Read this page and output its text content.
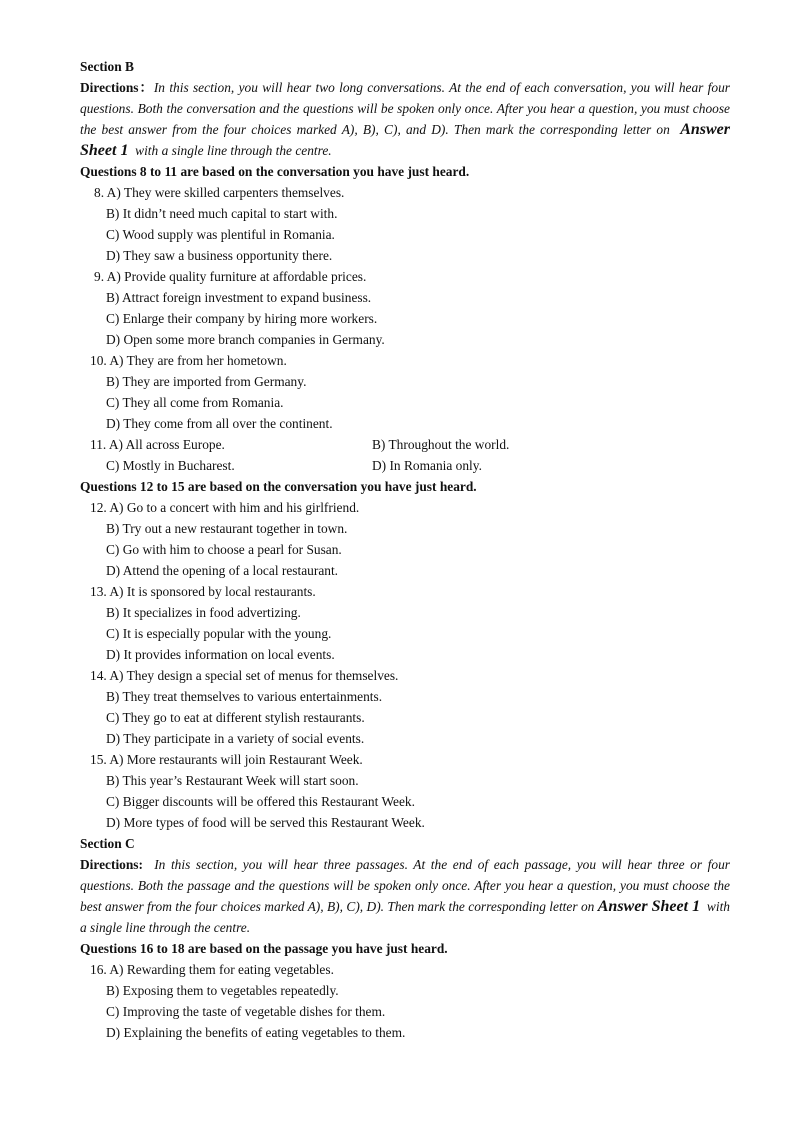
Section B
Directions：In this section, you will hear two long conversations. At the end of each conversation, you will hear four questions. Both the conversation and the questions will be spoken only once. After you hear a question, you must choose the best answer from the four choices marked A), B), C), and D). Then mark the corresponding letter on Answer Sheet 1 with a single line through the centre.
Questions 8 to 11 are based on the conversation you have just heard.
8. A) They were skilled carpenters themselves.
B) It didn’t need much capital to start with.
C) Wood supply was plentiful in Romania.
D) They saw a business opportunity there.
9. A) Provide quality furniture at affordable prices.
B) Attract foreign investment to expand business.
C) Enlarge their company by hiring more workers.
D) Open some more branch companies in Germany.
10. A) They are from her hometown.
B) They are imported from Germany.
C) They all come from Romania.
D) They come from all over the continent.
11. A) All across Europe.	B) Throughout the world.
C) Mostly in Bucharest.	D) In Romania only.
Questions 12 to 15 are based on the conversation you have just heard.
12. A) Go to a concert with him and his girlfriend.
B) Try out a new restaurant together in town.
C) Go with him to choose a pearl for Susan.
D) Attend the opening of a local restaurant.
13. A) It is sponsored by local restaurants.
B) It specializes in food advertizing.
C) It is especially popular with the young.
D) It provides information on local events.
14. A) They design a special set of menus for themselves.
B) They treat themselves to various entertainments.
C) They go to eat at different stylish restaurants.
D) They participate in a variety of social events.
15. A) More restaurants will join Restaurant Week.
B) This year’s Restaurant Week will start soon.
C) Bigger discounts will be offered this Restaurant Week.
D) More types of food will be served this Restaurant Week.
Section C
Directions: In this section, you will hear three passages. At the end of each passage, you will hear three or four questions. Both the passage and the questions will be spoken only once. After you hear a question, you must choose the best answer from the four choices marked A), B), C), D). Then mark the corresponding letter on Answer Sheet 1 with a single line through the centre.
Questions 16 to 18 are based on the passage you have just heard.
16. A) Rewarding them for eating vegetables.
B) Exposing them to vegetables repeatedly.
C) Improving the taste of vegetable dishes for them.
D) Explaining the benefits of eating vegetables to them.
